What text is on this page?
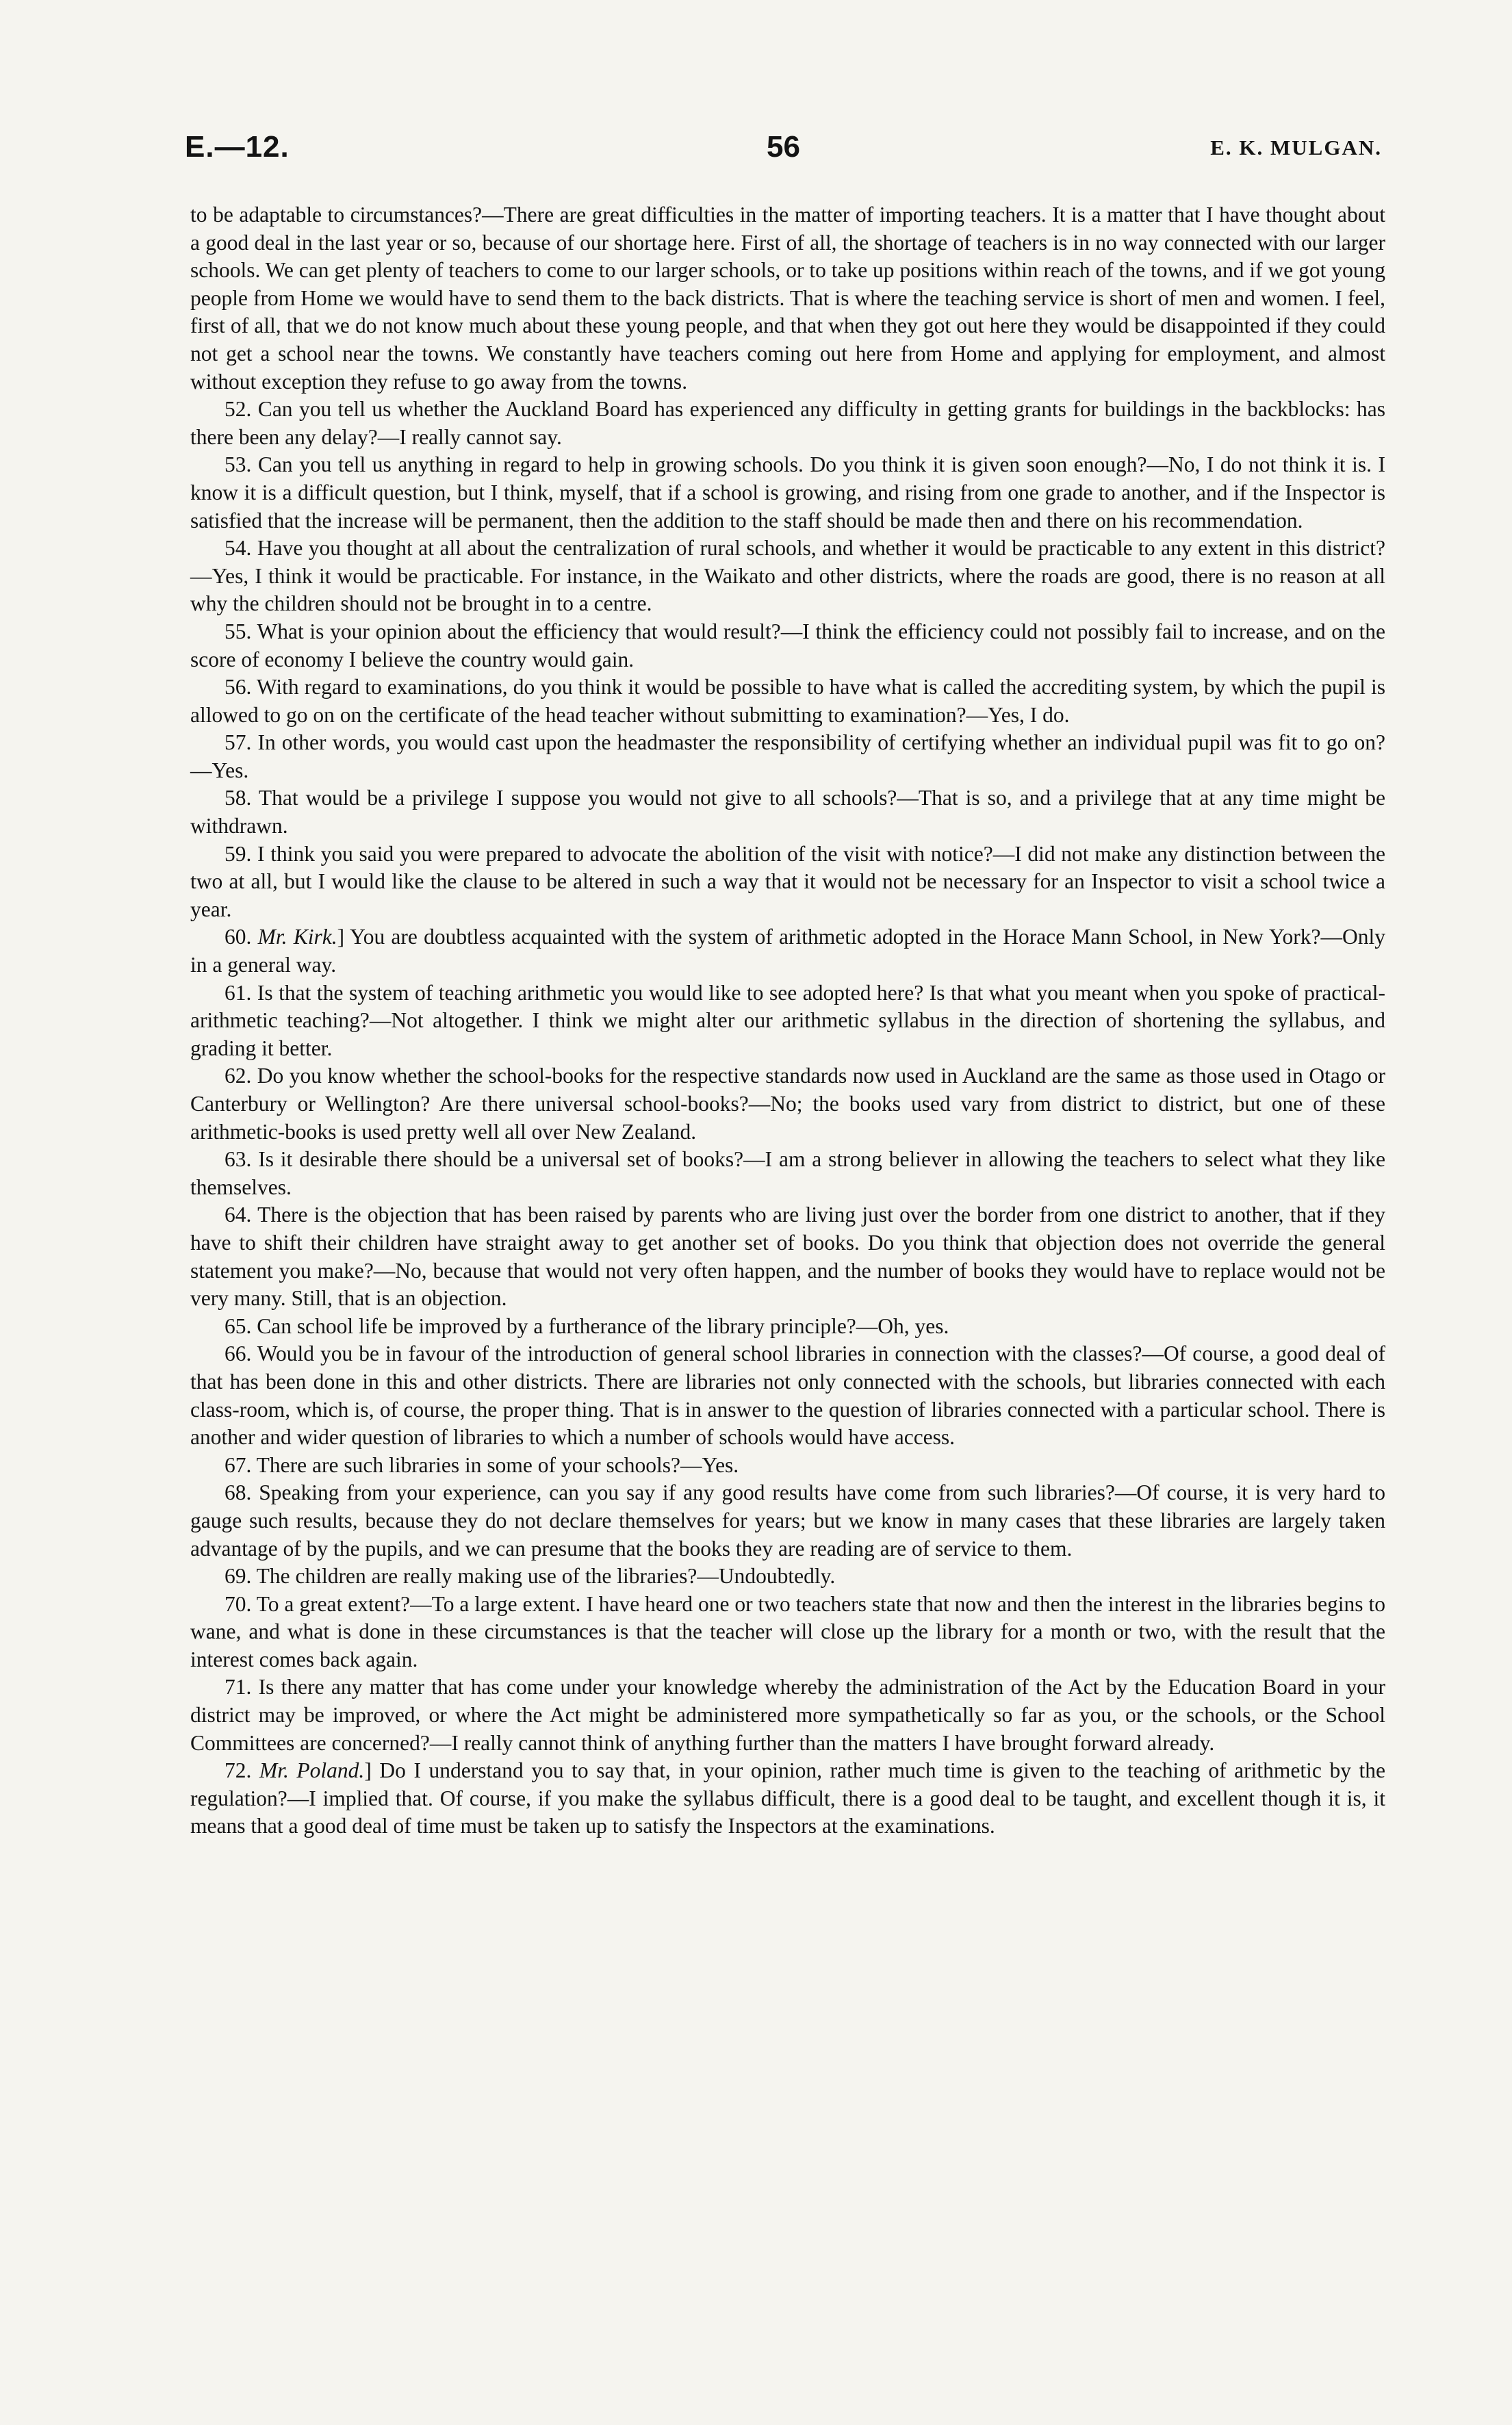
E.—12.	56	E. K. MULGAN.

to be adaptable to circumstances?—There are great difficulties in the matter of importing teachers. It is a matter that I have thought about a good deal in the last year or so, because of our shortage here. First of all, the shortage of teachers is in no way connected with our larger schools. We can get plenty of teachers to come to our larger schools, or to take up positions within reach of the towns, and if we got young people from Home we would have to send them to the back districts. That is where the teaching service is short of men and women. I feel, first of all, that we do not know much about these young people, and that when they got out here they would be disappointed if they could not get a school near the towns. We constantly have teachers coming out here from Home and applying for employment, and almost without exception they refuse to go away from the towns.

52. Can you tell us whether the Auckland Board has experienced any difficulty in getting grants for buildings in the backblocks: has there been any delay?—I really cannot say.

53. Can you tell us anything in regard to help in growing schools. Do you think it is given soon enough?—No, I do not think it is. I know it is a difficult question, but I think, myself, that if a school is growing, and rising from one grade to another, and if the Inspector is satisfied that the increase will be permanent, then the addition to the staff should be made then and there on his recommendation.

54. Have you thought at all about the centralization of rural schools, and whether it would be practicable to any extent in this district?—Yes, I think it would be practicable. For instance, in the Waikato and other districts, where the roads are good, there is no reason at all why the children should not be brought in to a centre.

55. What is your opinion about the efficiency that would result?—I think the efficiency could not possibly fail to increase, and on the score of economy I believe the country would gain.

56. With regard to examinations, do you think it would be possible to have what is called the accrediting system, by which the pupil is allowed to go on on the certificate of the head teacher without submitting to examination?—Yes, I do.

57. In other words, you would cast upon the headmaster the responsibility of certifying whether an individual pupil was fit to go on?—Yes.

58. That would be a privilege I suppose you would not give to all schools?—That is so, and a privilege that at any time might be withdrawn.

59. I think you said you were prepared to advocate the abolition of the visit with notice?—I did not make any distinction between the two at all, but I would like the clause to be altered in such a way that it would not be necessary for an Inspector to visit a school twice a year.

60. Mr. Kirk.] You are doubtless acquainted with the system of arithmetic adopted in the Horace Mann School, in New York?—Only in a general way.

61. Is that the system of teaching arithmetic you would like to see adopted here? Is that what you meant when you spoke of practical-arithmetic teaching?—Not altogether. I think we might alter our arithmetic syllabus in the direction of shortening the syllabus, and grading it better.

62. Do you know whether the school-books for the respective standards now used in Auckland are the same as those used in Otago or Canterbury or Wellington? Are there universal school-books?—No; the books used vary from district to district, but one of these arithmetic-books is used pretty well all over New Zealand.

63. Is it desirable there should be a universal set of books?—I am a strong believer in allowing the teachers to select what they like themselves.

64. There is the objection that has been raised by parents who are living just over the border from one district to another, that if they have to shift their children have straight away to get another set of books. Do you think that objection does not override the general statement you make?—No, because that would not very often happen, and the number of books they would have to replace would not be very many. Still, that is an objection.

65. Can school life be improved by a furtherance of the library principle?—Oh, yes.

66. Would you be in favour of the introduction of general school libraries in connection with the classes?—Of course, a good deal of that has been done in this and other districts. There are libraries not only connected with the schools, but libraries connected with each class-room, which is, of course, the proper thing. That is in answer to the question of libraries connected with a particular school. There is another and wider question of libraries to which a number of schools would have access.

67. There are such libraries in some of your schools?—Yes.

68. Speaking from your experience, can you say if any good results have come from such libraries?—Of course, it is very hard to gauge such results, because they do not declare themselves for years; but we know in many cases that these libraries are largely taken advantage of by the pupils, and we can presume that the books they are reading are of service to them.

69. The children are really making use of the libraries?—Undoubtedly.

70. To a great extent?—To a large extent. I have heard one or two teachers state that now and then the interest in the libraries begins to wane, and what is done in these circumstances is that the teacher will close up the library for a month or two, with the result that the interest comes back again.

71. Is there any matter that has come under your knowledge whereby the administration of the Act by the Education Board in your district may be improved, or where the Act might be administered more sympathetically so far as you, or the schools, or the School Committees are concerned?—I really cannot think of anything further than the matters I have brought forward already.

72. Mr. Poland.] Do I understand you to say that, in your opinion, rather much time is given to the teaching of arithmetic by the regulation?—I implied that. Of course, if you make the syllabus difficult, there is a good deal to be taught, and excellent though it is, it means that a good deal of time must be taken up to satisfy the Inspectors at the examinations.
